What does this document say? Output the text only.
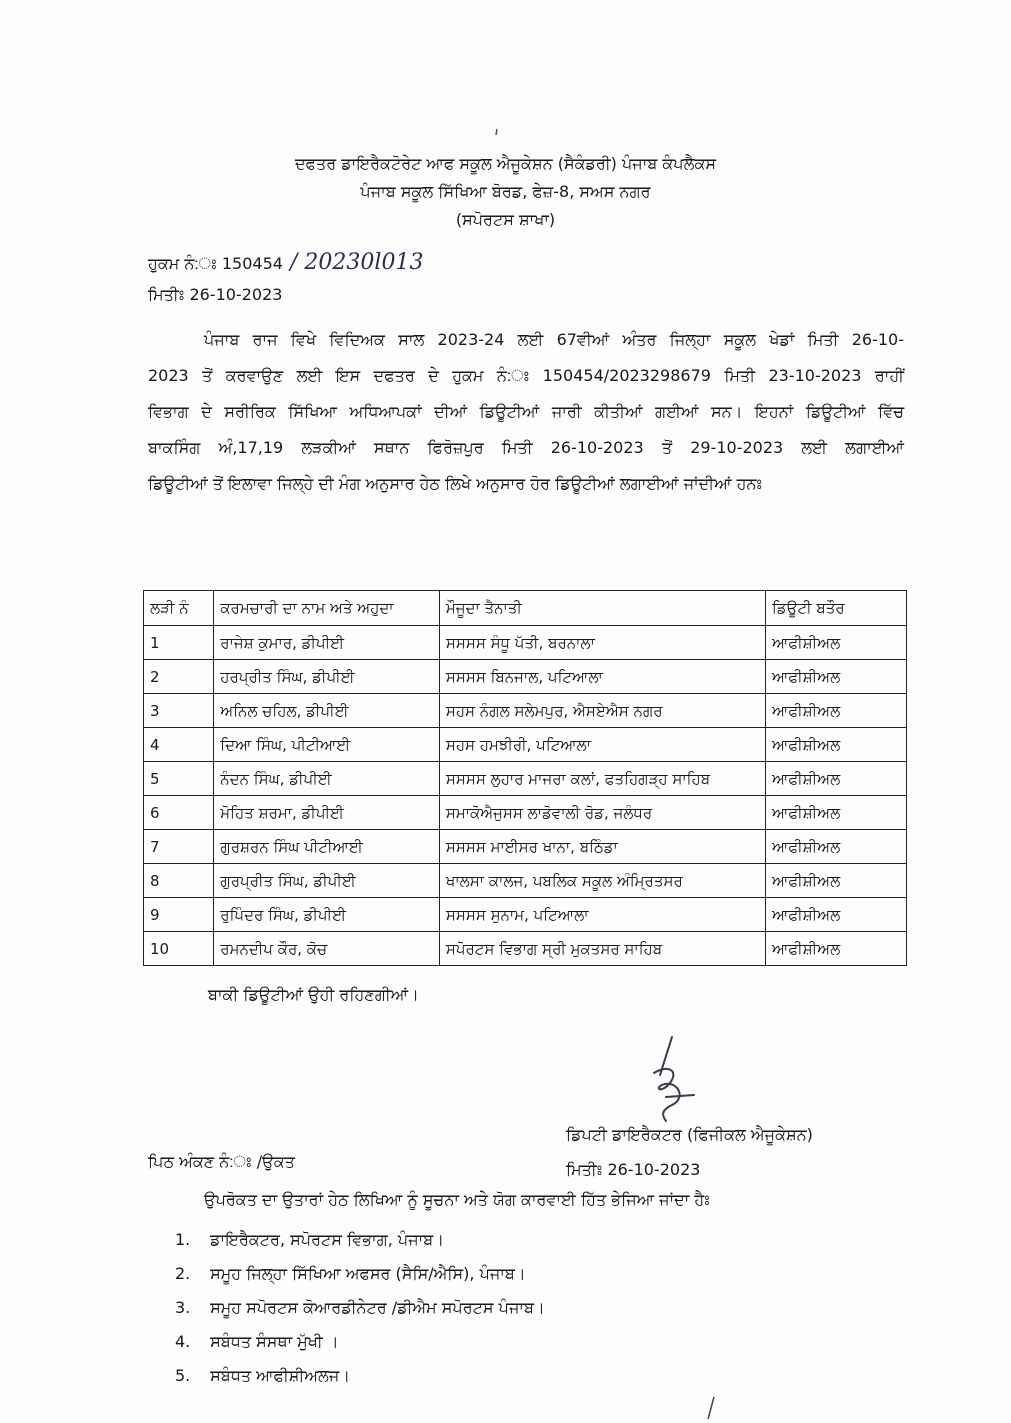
ਦਫਤਰ ਡਾਇਰੈਕਟੋਰੇਟ ਆਫ ਸਕੂਲ ਐਜੂਕੇਸ਼ਨ (ਸੈਕੰਡਰੀ) ਪੰਜਾਬ ਕੰਪਲੈਕਸ
ਪੰਜਾਬ ਸਕੂਲ ਸਿੱਖਿਆ ਬੋਰਡ, ਫੇਜ਼-8, ਸਅਸ ਨਗਰ
(ਸਪੋਰਟਸ ਸ਼ਾਖਾ)
ਹੁਕਮ ਨੰ:ਃ 150454 / 20230l013
ਮਿਤੀਃ 26-10-2023
ਪੰਜਾਬ ਰਾਜ ਵਿਖੇ ਵਿਦਿਅਕ ਸਾਲ 2023-24 ਲਈ 67ਵੀਆਂ ਅੰਤਰ ਜਿਲ੍ਹਾ ਸਕੂਲ ਖੇਡਾਂ ਮਿਤੀ 26-10-
2023 ਤੋਂ ਕਰਵਾਉਣ ਲਈ ਇਸ ਦਫਤਰ ਦੇ ਹੁਕਮ ਨੰ:ਃ 150454/2023298679 ਮਿਤੀ 23-10-2023 ਰਾਹੀਂ
ਵਿਭਾਗ ਦੇ ਸਰੀਰਿਕ ਸਿੱਖਿਆ ਅਧਿਆਪਕਾਂ ਦੀਆਂ ਡਿਊਟੀਆਂ ਜਾਰੀ ਕੀਤੀਆਂ ਗਈਆਂ ਸਨ। ਇਹਨਾਂ ਡਿਊਟੀਆਂ ਵਿੱਚ
ਬਾਕਸਿੰਗ ਅੰ,17,19 ਲੜਕੀਆਂ ਸਥਾਨ ਫਿਰੋਜ਼ਪੁਰ ਮਿਤੀ 26-10-2023 ਤੋਂ 29-10-2023 ਲਈ ਲਗਾਈਆਂ
ਡਿਊਟੀਆਂ ਤੋਂ ਇਲਾਵਾ ਜਿਲ੍ਹੇ ਦੀ ਮੰਗ ਅਨੁਸਾਰ ਹੇਠ ਲਿਖੇ ਅਨੁਸਾਰ ਹੋਰ ਡਿਊਟੀਆਂ ਲਗਾਈਆਂ ਜਾਂਦੀਆਂ ਹਨਃ
ਲੜੀ ਨੰ	ਕਰਮਚਾਰੀ ਦਾ ਨਾਮ ਅਤੇ ਅਹੁਦਾ	ਮੌਜੂਦਾ ਤੈਨਾਤੀ	ਡਿਊਟੀ ਬਤੌਰ
1	ਰਾਜੇਸ਼ ਕੁਮਾਰ, ਡੀਪੀਈ	ਸਸਸਸ ਸੰਧੂ ਪੱਤੀ, ਬਰਨਾਲਾ	ਆਫੀਸ਼ੀਅਲ
2	ਹਰਪ੍ਰੀਤ ਸਿੰਘ, ਡੀਪੀਈ	ਸਸਸਸ ਬਿਨਜਾਲ, ਪਟਿਆਲਾ	ਆਫੀਸ਼ੀਅਲ
3	ਅਨਿਲ ਚਹਿਲ, ਡੀਪੀਈ	ਸਹਸ ਨੰਗਲ ਸਲੇਮਪੁਰ, ਐਸਏਐਸ ਨਗਰ	ਆਫੀਸ਼ੀਅਲ
4	ਦਿਆ ਸਿੰਘ, ਪੀਟੀਆਈ	ਸਹਸ ਹਮਝੀਰੀ, ਪਟਿਆਲਾ	ਆਫੀਸ਼ੀਅਲ
5	ਨੰਦਨ ਸਿੰਘ, ਡੀਪੀਈ	ਸਸਸਸ ਲੁਹਾਰ ਮਾਜਰਾ ਕਲਾਂ, ਫਤਹਿਗੜ੍ਹ ਸਾਹਿਬ	ਆਫੀਸ਼ੀਅਲ
6	ਮੋਹਿਤ ਸ਼ਰਮਾ, ਡੀਪੀਈ	ਸਮਾਕੋਐਜੁਸਸ ਲਾਡੋਵਾਲੀ ਰੋਡ, ਜਲੰਧਰ	ਆਫੀਸ਼ੀਅਲ
7	ਗੁਰਸ਼ਰਨ ਸਿੰਘ ਪੀਟੀਆਈ	ਸਸਸਸ ਮਾਈਸਰ ਖਾਨਾ, ਬਠਿੰਡਾ	ਆਫੀਸ਼ੀਅਲ
8	ਗੁਰਪ੍ਰੀਤ ਸਿੰਘ, ਡੀਪੀਈ	ਖਾਲਸਾ ਕਾਲਜ, ਪਬਲਿਕ ਸਕੂਲ ਅੰਮ੍ਰਿਤਸਰ	ਆਫੀਸ਼ੀਅਲ
9	ਰੁਪਿੰਦਰ ਸਿੰਘ, ਡੀਪੀਈ	ਸਸਸਸ ਸੁਨਾਮ, ਪਟਿਆਲਾ	ਆਫੀਸ਼ੀਅਲ
10	ਰਮਨਦੀਪ ਕੌਰ, ਕੋਚ	ਸਪੋਰਟਸ ਵਿਭਾਗ ਸ੍ਰੀ ਮੁਕਤਸਰ ਸਾਹਿਬ	ਆਫੀਸ਼ੀਅਲ
ਬਾਕੀ ਡਿਊਟੀਆਂ ਉਹੀ ਰਹਿਣਗੀਆਂ।
ਡਿਪਟੀ ਡਾਇਰੈਕਟਰ (ਫਿਜੀਕਲ ਐਜੂਕੇਸ਼ਨ)
ਮਿਤੀਃ 26-10-2023
ਪਿਠ ਅੰਕਣ ਨੰ:ਃ /ਉਕਤ
ਉਪਰੋਕਤ ਦਾ ਉਤਾਰਾਂ ਹੇਠ ਲਿਖਿਆ ਨੂੰ ਸੂਚਨਾ ਅਤੇ ਯੋਗ ਕਾਰਵਾਈ ਹਿੱਤ ਭੇਜਿਆ ਜਾਂਦਾ ਹੈਃ
1. ਡਾਇਰੈਕਟਰ, ਸਪੋਰਟਸ ਵਿਭਾਗ, ਪੰਜਾਬ।
2. ਸਮੂਹ ਜਿਲ੍ਹਾ ਸਿੱਖਿਆ ਅਫਸਰ (ਸੈਸਿ/ਐਸਿ), ਪੰਜਾਬ।
3. ਸਮੂਹ ਸਪੋਰਟਸ ਕੋਆਰਡੀਨੇਟਰ /ਡੀਐਮ ਸਪੋਰਟਸ ਪੰਜਾਬ।
4. ਸਬੰਧਤ ਸੰਸਥਾ ਮੁੱਖੀ ।
5. ਸਬੰਧਤ ਆਫੀਸ਼ੀਅਲਜ।
